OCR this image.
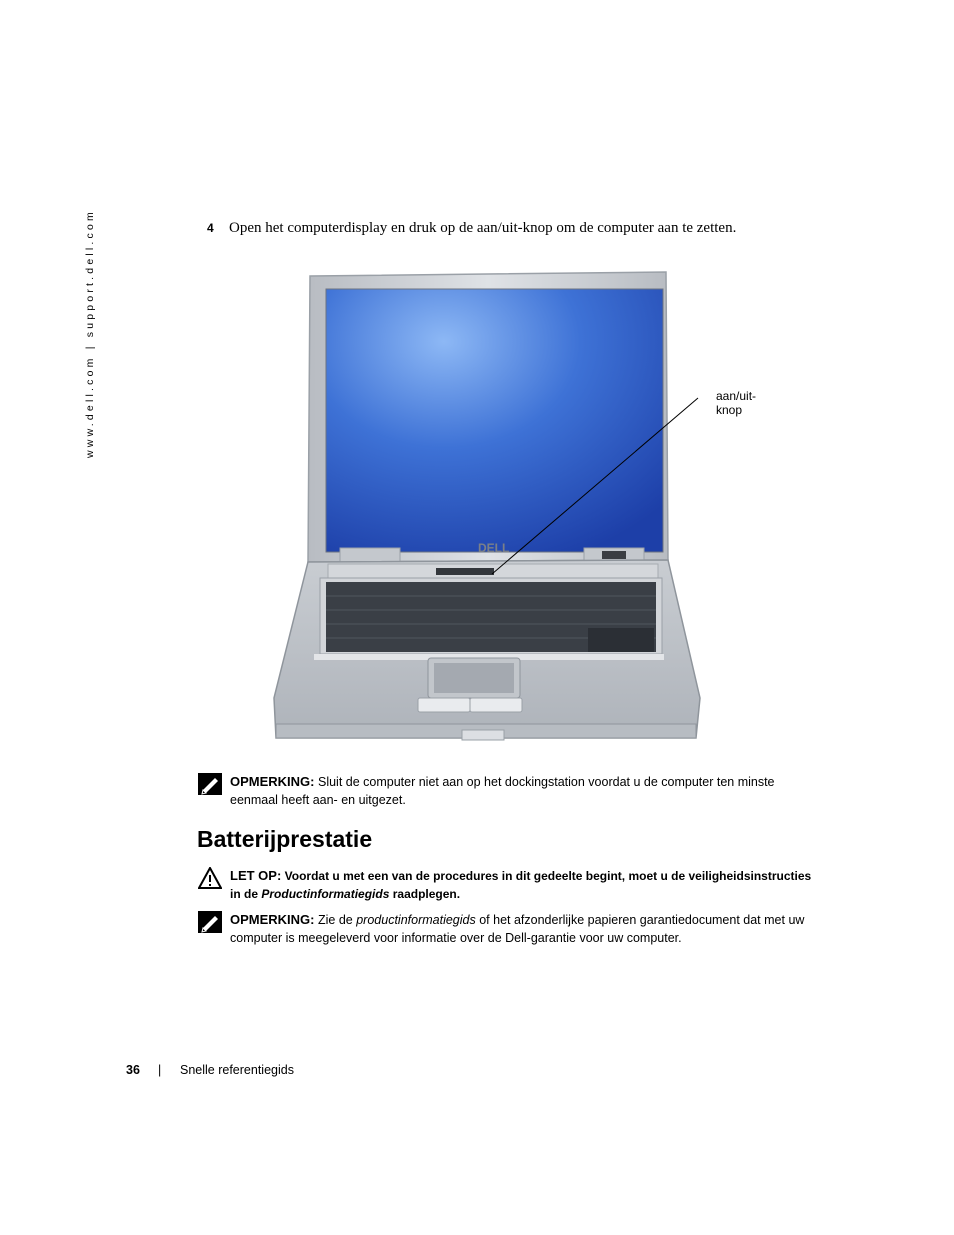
www.dell.com | support.dell.com	4 Open het computerdisplay en druk op de aan/uit-knop om de computer aan te zetten.
DELL
aan/uit-knop
OPMERKING: Sluit de computer niet aan op het dockingstation voordat u de computer ten minste eenmaal heeft aan- en uitgezet.
Batterijprestatie
LET OP: Voordat u met een van de procedures in dit gedeelte begint, moet u de veiligheidsinstructies in de Productinformatiegids raadplegen.
OPMERKING: Zie de productinformatiegids of het afzonderlijke papieren garantiedocument dat met uw computer is meegeleverd voor informatie over de Dell-garantie voor uw computer.
36 | Snelle referentiegids
